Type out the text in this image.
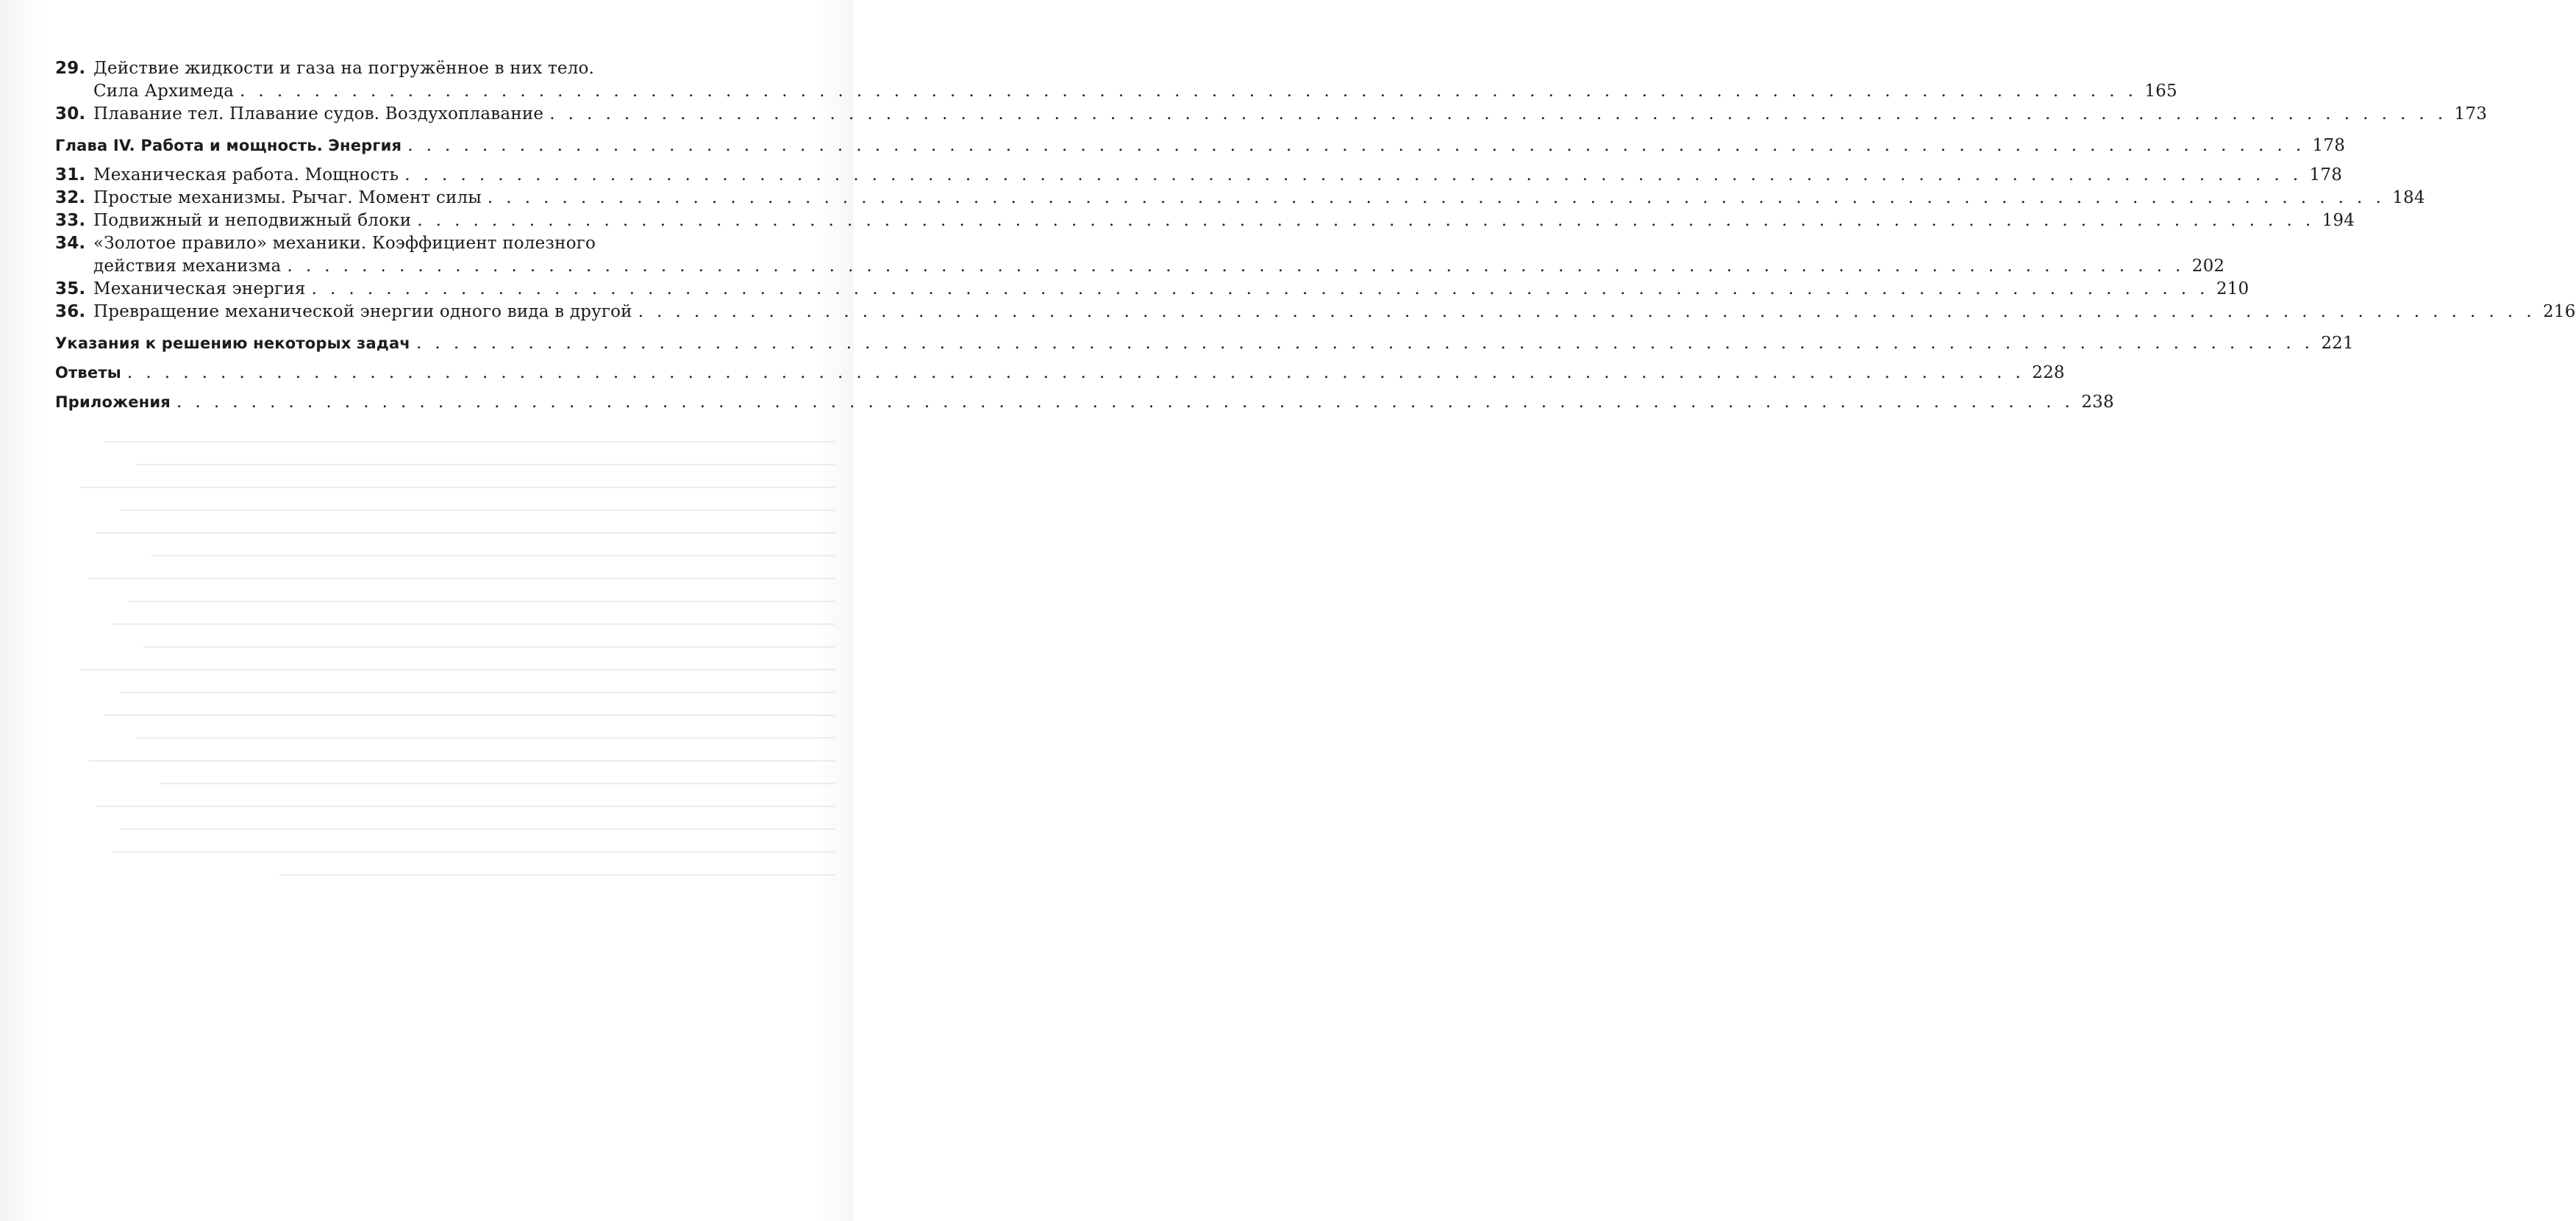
29. Действие жидкости и газа на погружённое в них тело.
Сила Архимеда . . . . . . . . . . . . . . . . . . . . . . . . . . . . . . . . . . . . . . . . . . . . . . . . . . . . . . . . . . . . . . . . . . . . . . . . . . . . . . . . . . . . . . . . . . . . . . . . . . . . . . 165
30. Плавание тел. Плавание судов. Воздухоплавание . . . . . . . . . . . . . . . . . . . . . . . . . . . . . . . . . . . . . . . . . . . . . . . . . . . . . . . . . . . . . . . . . . . . . . . . . . . . . . . . . . . . . . . . . . . . . . . . . . . . . . 173
Глава IV. Работа и мощность. Энергия . . . . . . . . . . . . . . . . . . . . . . . . . . . . . . . . . . . . . . . . . . . . . . . . . . . . . . . . . . . . . . . . . . . . . . . . . . . . . . . . . . . . . . . . . . . . . . . . . . . . . . 178
31. Механическая работа. Мощность . . . . . . . . . . . . . . . . . . . . . . . . . . . . . . . . . . . . . . . . . . . . . . . . . . . . . . . . . . . . . . . . . . . . . . . . . . . . . . . . . . . . . . . . . . . . . . . . . . . . . . 178
32. Простые механизмы. Рычаг. Момент силы . . . . . . . . . . . . . . . . . . . . . . . . . . . . . . . . . . . . . . . . . . . . . . . . . . . . . . . . . . . . . . . . . . . . . . . . . . . . . . . . . . . . . . . . . . . . . . . . . . . . . . 184
33. Подвижный и неподвижный блоки . . . . . . . . . . . . . . . . . . . . . . . . . . . . . . . . . . . . . . . . . . . . . . . . . . . . . . . . . . . . . . . . . . . . . . . . . . . . . . . . . . . . . . . . . . . . . . . . . . . . . . 194
34. «Золотое правило» механики. Коэффициент полезного
действия механизма . . . . . . . . . . . . . . . . . . . . . . . . . . . . . . . . . . . . . . . . . . . . . . . . . . . . . . . . . . . . . . . . . . . . . . . . . . . . . . . . . . . . . . . . . . . . . . . . . . . . . . 202
35. Механическая энергия . . . . . . . . . . . . . . . . . . . . . . . . . . . . . . . . . . . . . . . . . . . . . . . . . . . . . . . . . . . . . . . . . . . . . . . . . . . . . . . . . . . . . . . . . . . . . . . . . . . . . . 210
36. Превращение механической энергии одного вида в другой . . . . . . . . . . . . . . . . . . . . . . . . . . . . . . . . . . . . . . . . . . . . . . . . . . . . . . . . . . . . . . . . . . . . . . . . . . . . . . . . . . . . . . . . . . . . . . . . . . . . . . 216
Указания к решению некоторых задач . . . . . . . . . . . . . . . . . . . . . . . . . . . . . . . . . . . . . . . . . . . . . . . . . . . . . . . . . . . . . . . . . . . . . . . . . . . . . . . . . . . . . . . . . . . . . . . . . . . . . . 221
Ответы . . . . . . . . . . . . . . . . . . . . . . . . . . . . . . . . . . . . . . . . . . . . . . . . . . . . . . . . . . . . . . . . . . . . . . . . . . . . . . . . . . . . . . . . . . . . . . . . . . . . . . 228
Приложения . . . . . . . . . . . . . . . . . . . . . . . . . . . . . . . . . . . . . . . . . . . . . . . . . . . . . . . . . . . . . . . . . . . . . . . . . . . . . . . . . . . . . . . . . . . . . . . . . . . . . . 238
